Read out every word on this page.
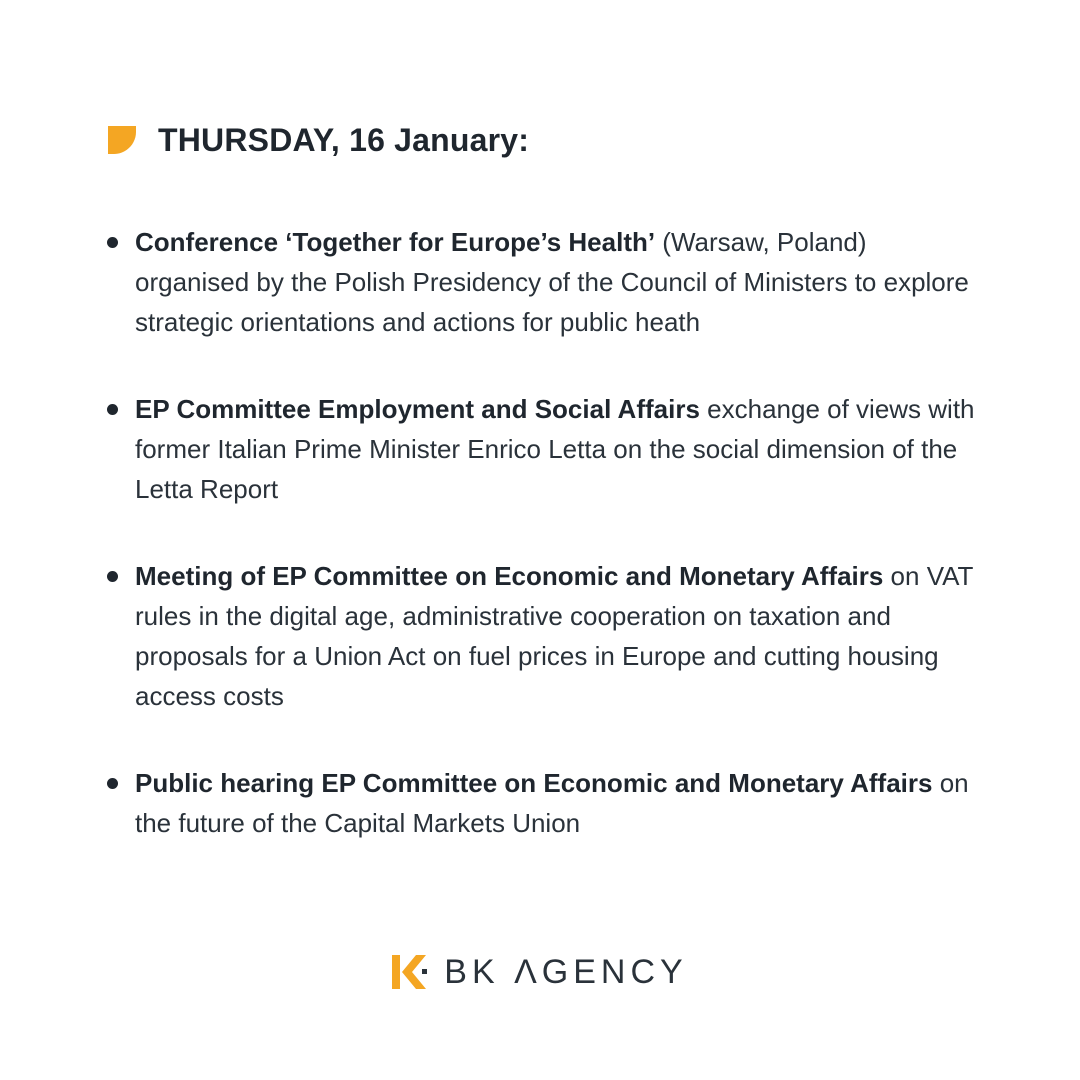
THURSDAY, 16 January:
Conference ‘Together for Europe’s Health’ (Warsaw, Poland) organised by the Polish Presidency of the Council of Ministers to explore strategic orientations and actions for public heath
EP Committee Employment and Social Affairs exchange of views with former Italian Prime Minister Enrico Letta on the social dimension of the Letta Report
Meeting of EP Committee on Economic and Monetary Affairs on VAT rules in the digital age, administrative cooperation on taxation and proposals for a Union Act on fuel prices in Europe and cutting housing access costs
Public hearing EP Committee on Economic and Monetary Affairs on the future of the Capital Markets Union
BK ΛGENCY
